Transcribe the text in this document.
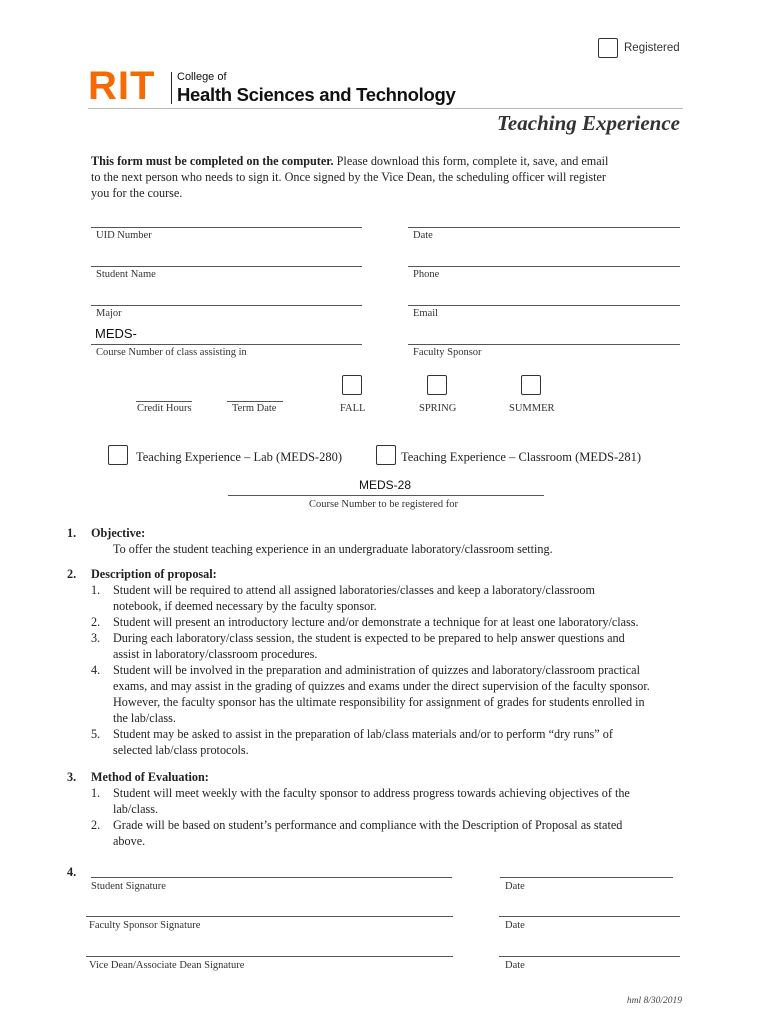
Registered
RIT College of
Health Sciences and Technology
Teaching Experience
This form must be completed on the computer. Please download this form, complete it, save, and email
to the next person who needs to sign it. Once signed by the Vice Dean, the scheduling officer will register
you for the course.
UID Number	Date
Student Name	Phone
Major	Email
MEDS-
Course Number of class assisting in	Faculty Sponsor
Credit Hours	Term Date	FALL	SPRING	SUMMER
Teaching Experience – Lab (MEDS-280)	Teaching Experience – Classroom (MEDS-281)
MEDS-28
Course Number to be registered for
1. Objective:
To offer the student teaching experience in an undergraduate laboratory/classroom setting.
2. Description of proposal:
1. Student will be required to attend all assigned laboratories/classes and keep a laboratory/classroom
notebook, if deemed necessary by the faculty sponsor.
2. Student will present an introductory lecture and/or demonstrate a technique for at least one laboratory/class.
3. During each laboratory/class session, the student is expected to be prepared to help answer questions and
assist in laboratory/classroom procedures.
4. Student will be involved in the preparation and administration of quizzes and laboratory/classroom practical
exams, and may assist in the grading of quizzes and exams under the direct supervision of the faculty sponsor.
However, the faculty sponsor has the ultimate responsibility for assignment of grades for students enrolled in
the lab/class.
5. Student may be asked to assist in the preparation of lab/class materials and/or to perform “dry runs” of
selected lab/class protocols.
3. Method of Evaluation:
1. Student will meet weekly with the faculty sponsor to address progress towards achieving objectives of the
lab/class.
2. Grade will be based on student’s performance and compliance with the Description of Proposal as stated
above.
4.
Student Signature	Date
Faculty Sponsor Signature	Date
Vice Dean/Associate Dean Signature	Date
hml 8/30/2019
